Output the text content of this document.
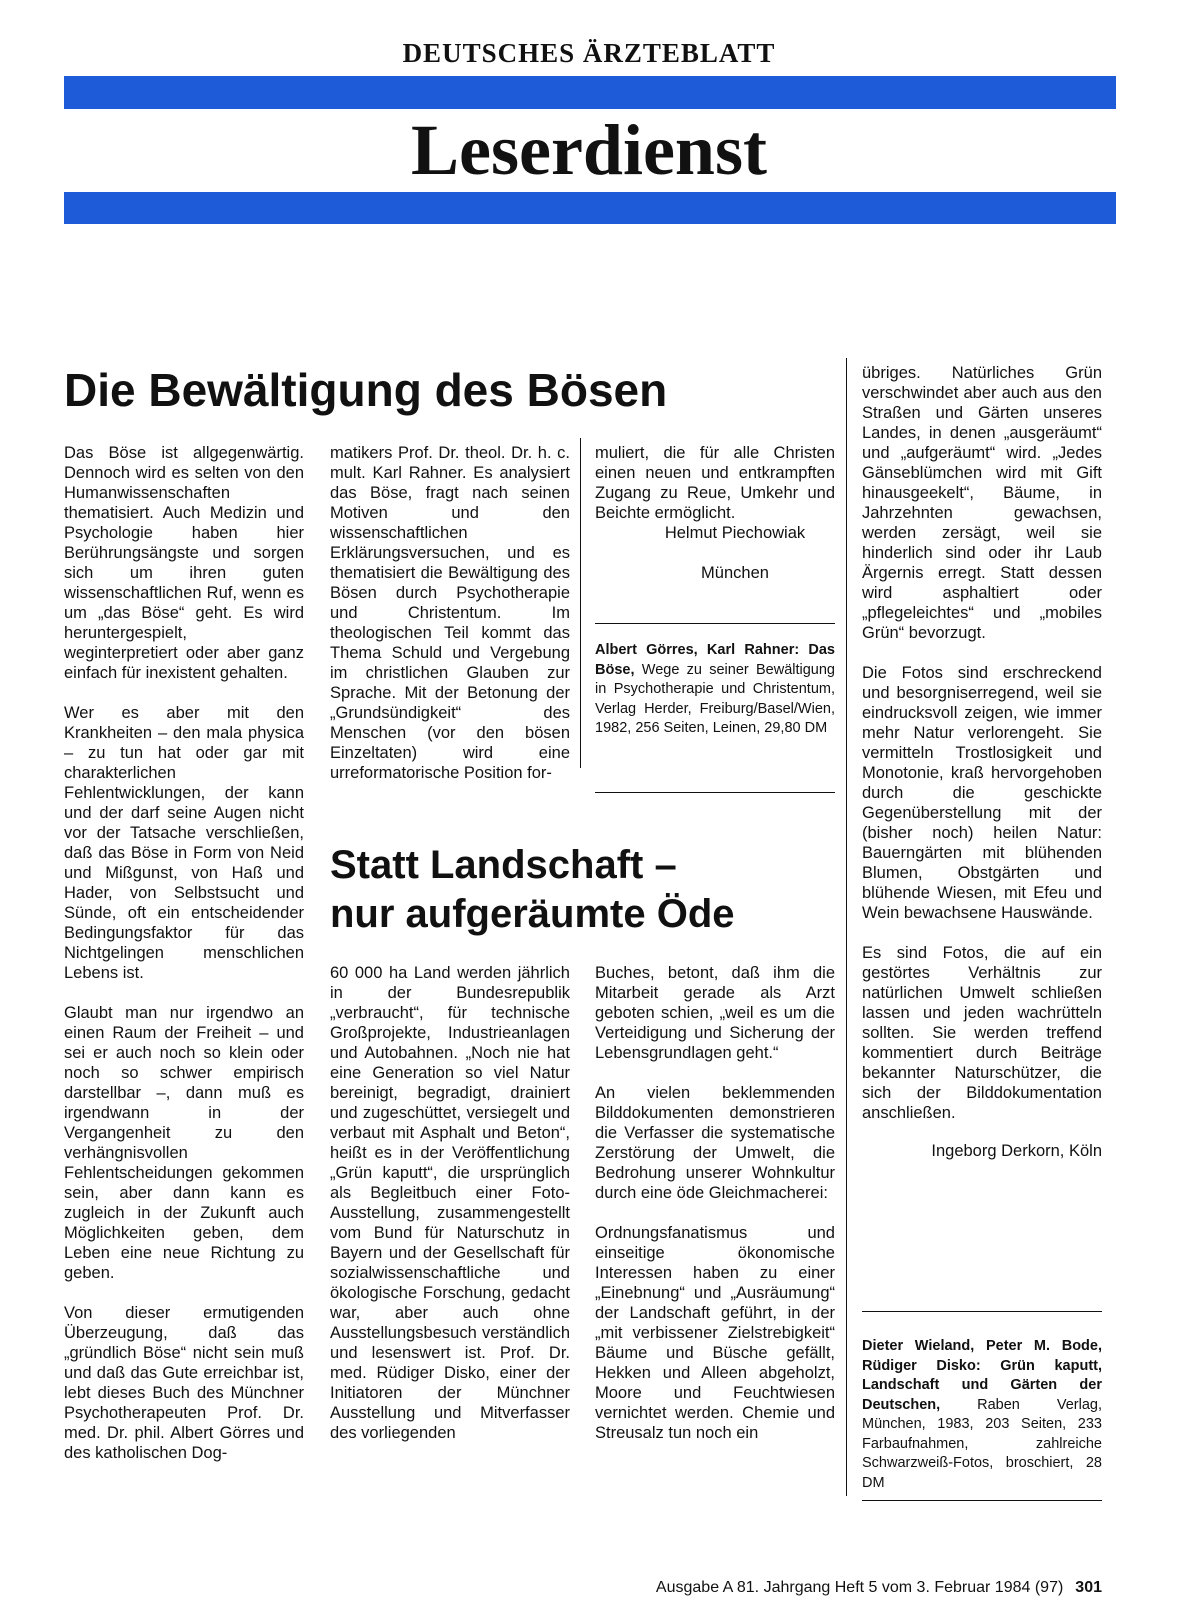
DEUTSCHES ÄRZTEBLATT
Leserdienst
Die Bewältigung des Bösen

Das Böse ist allgegenwärtig. Dennoch wird es selten von den Humanwissenschaften thematisiert. Auch Medizin und Psychologie haben hier Berührungsängste und sorgen sich um ihren guten wissenschaftlichen Ruf, wenn es um „das Böse“ geht. Es wird heruntergespielt, weginterpretiert oder aber ganz einfach für inexistent gehalten.

Wer es aber mit den Krankheiten – den mala physica – zu tun hat oder gar mit charakterlichen Fehlentwicklungen, der kann und der darf seine Augen nicht vor der Tatsache verschließen, daß das Böse in Form von Neid und Mißgunst, von Haß und Hader, von Selbstsucht und Sünde, oft ein entscheidender Bedingungsfaktor für das Nichtgelingen menschlichen Lebens ist.

Glaubt man nur irgendwo an einen Raum der Freiheit – und sei er auch noch so klein oder noch so schwer empirisch darstellbar –, dann muß es irgendwann in der Vergangenheit zu den verhängnisvollen Fehlentscheidungen gekommen sein, aber dann kann es zugleich in der Zukunft auch Möglichkeiten geben, dem Leben eine neue Richtung zu geben.

Von dieser ermutigenden Überzeugung, daß das „gründlich Böse“ nicht sein muß und daß das Gute erreichbar ist, lebt dieses Buch des Münchner Psychotherapeuten Prof. Dr. med. Dr. phil. Albert Görres und des katholischen Dog-

matikers Prof. Dr. theol. Dr. h. c. mult. Karl Rahner. Es analysiert das Böse, fragt nach seinen Motiven und den wissenschaftlichen Erklärungsversuchen, und es thematisiert die Bewältigung des Bösen durch Psychotherapie und Christentum. Im theologischen Teil kommt das Thema Schuld und Vergebung im christlichen Glauben zur Sprache. Mit der Betonung der „Grundsündigkeit“ des Menschen (vor den bösen Einzeltaten) wird eine urreformatorische Position for-

muliert, die für alle Christen einen neuen und entkrampften Zugang zu Reue, Umkehr und Beichte ermöglicht.

Helmut Piechowiak

München

Albert Görres, Karl Rahner: Das Böse, Wege zu seiner Bewältigung in Psychotherapie und Christentum, Verlag Herder, Freiburg/Basel/Wien, 1982, 256 Seiten, Leinen, 29,80 DM
Statt Landschaft –
nur aufgeräumte Öde

60 000 ha Land werden jährlich in der Bundesrepublik „verbraucht“, für technische Großprojekte, Industrieanlagen und Autobahnen. „Noch nie hat eine Generation so viel Natur bereinigt, begradigt, drainiert und zugeschüttet, versiegelt und verbaut mit Asphalt und Beton“, heißt es in der Veröffentlichung „Grün kaputt“, die ursprünglich als Begleitbuch einer Foto-Ausstellung, zusammengestellt vom Bund für Naturschutz in Bayern und der Gesellschaft für sozialwissenschaftliche und ökologische Forschung, gedacht war, aber auch ohne Ausstellungsbesuch verständlich und lesenswert ist. Prof. Dr. med. Rüdiger Disko, einer der Initiatoren der Münchner Ausstellung und Mitverfasser des vorliegenden

Buches, betont, daß ihm die Mitarbeit gerade als Arzt geboten schien, „weil es um die Verteidigung und Sicherung der Lebensgrundlagen geht.“

An vielen beklemmenden Bilddokumenten demonstrieren die Verfasser die systematische Zerstörung der Umwelt, die Bedrohung unserer Wohnkultur durch eine öde Gleichmacherei:

Ordnungsfanatismus und einseitige ökonomische Interessen haben zu einer „Einebnung“ und „Ausräumung“ der Landschaft geführt, in der „mit verbissener Zielstrebigkeit“ Bäume und Büsche gefällt, Hekken und Alleen abgeholzt, Moore und Feuchtwiesen vernichtet werden. Chemie und Streusalz tun noch ein

übriges. Natürliches Grün verschwindet aber auch aus den Straßen und Gärten unseres Landes, in denen „ausgeräumt“ und „aufgeräumt“ wird. „Jedes Gänseblümchen wird mit Gift hinausgeekelt“, Bäume, in Jahrzehnten gewachsen, werden zersägt, weil sie hinderlich sind oder ihr Laub Ärgernis erregt. Statt dessen wird asphaltiert oder „pflegeleichtes“ und „mobiles Grün“ bevorzugt.

Die Fotos sind erschreckend und besorgniserregend, weil sie eindrucksvoll zeigen, wie immer mehr Natur verlorengeht. Sie vermitteln Trostlosigkeit und Monotonie, kraß hervorgehoben durch die geschickte Gegenüberstellung mit der (bisher noch) heilen Natur: Bauerngärten mit blühenden Blumen, Obstgärten und blühende Wiesen, mit Efeu und Wein bewachsene Hauswände.

Es sind Fotos, die auf ein gestörtes Verhältnis zur natürlichen Umwelt schließen lassen und jeden wachrütteln sollten. Sie werden treffend kommentiert durch Beiträge bekannter Naturschützer, die sich der Bilddokumentation anschließen.

Ingeborg Derkorn, Köln

Dieter Wieland, Peter M. Bode, Rüdiger Disko: Grün kaputt, Landschaft und Gärten der Deutschen, Raben Verlag, München, 1983, 203 Seiten, 233 Farbaufnahmen, zahlreiche Schwarzweiß-Fotos, broschiert, 28 DM
Ausgabe A 81. Jahrgang Heft 5 vom 3. Februar 1984 (97) 301
